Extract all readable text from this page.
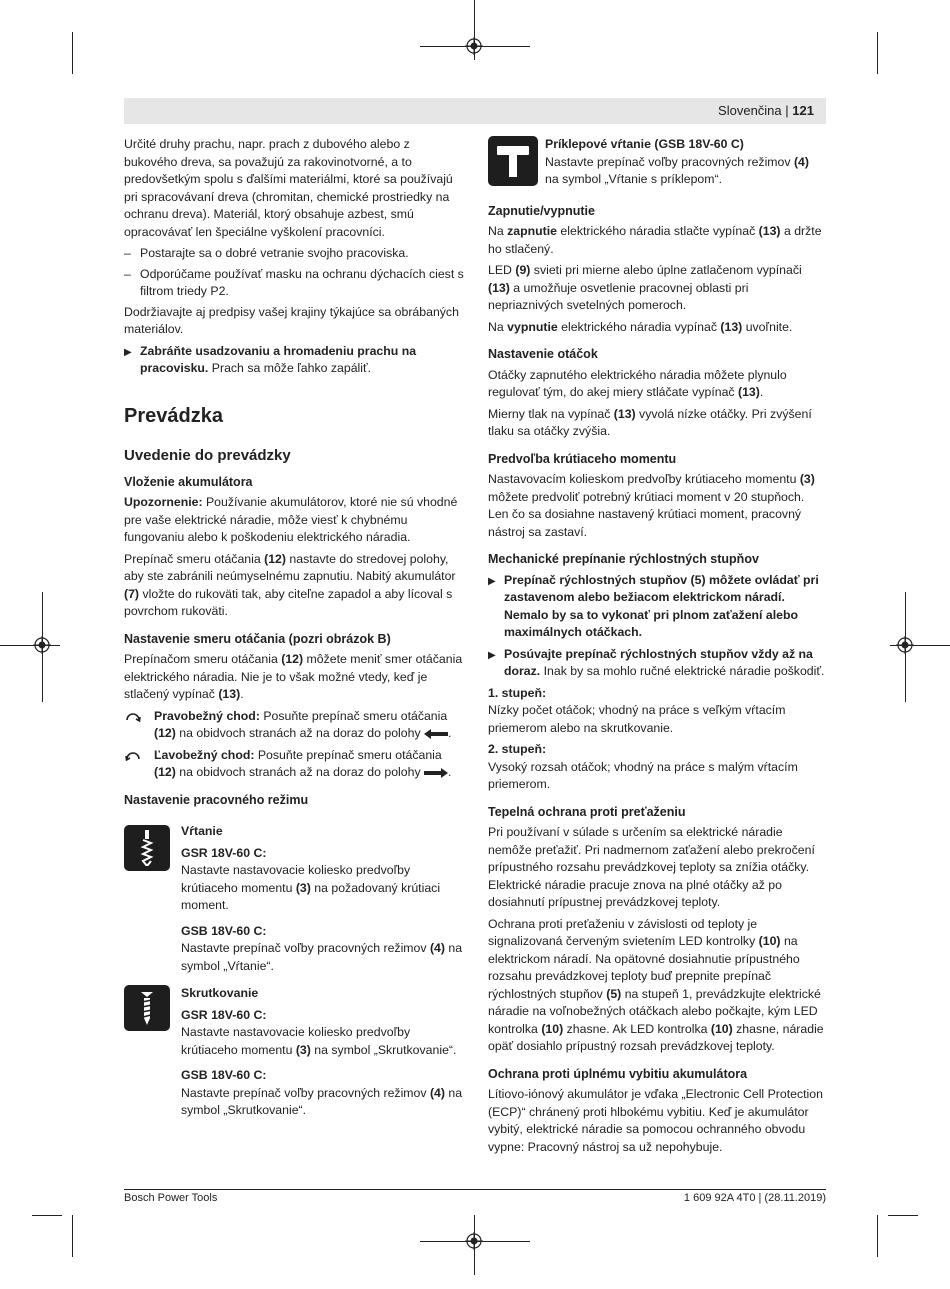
Slovenčina | 121

Určité druhy prachu, napr. prach z dubového alebo z bukového dreva, sa považujú za rakovinotvorné, a to predovšetkým spolu s ďalšími materiálmi, ktoré sa používajú pri spracovávaní dreva (chromitan, chemické prostriedky na ochranu dreva). Materiál, ktorý obsahuje azbest, smú opracovávať len špeciálne vyškolení pracovníci.

– Postarajte sa o dobré vetranie svojho pracoviska.
– Odporúčame používať masku na ochranu dýchacích ciest s filtrom triedy P2.

Dodržiavajte aj predpisy vašej krajiny týkajúce sa obrábaných materiálov.

▶ Zabráňte usadzovaniu a hromadeniu prachu na pracovisku. Prach sa môže ľahko zapáliť.
Prevádzka
Uvedenie do prevádzky
Vloženie akumulátora

Upozornenie: Používanie akumulátorov, ktoré nie sú vhodné pre vaše elektrické náradie, môže viesť k chybnému fungovaniu alebo k poškodeniu elektrického náradia.

Prepínač smeru otáčania (12) nastavte do stredovej polohy, aby ste zabránili neúmyselnému zapnutiu. Nabitý akumulátor (7) vložte do rukoväti tak, aby citeľne zapadol a aby lícoval s povrchom rukoväti.

Nastavenie smeru otáčania (pozri obrázok B)

Prepínačom smeru otáčania (12) môžete meniť smer otáčania elektrického náradia. Nie je to však možné vtedy, keď je stlačený vypínač (13).

Pravobežný chod: Posuňte prepínač smeru otáčania (12) na obidvoch stranách až na doraz do polohy .
Ľavobežný chod: Posuňte prepínač smeru otáčania (12) na obidvoch stranách až na doraz do polohy .
Nastavenie pracovného režimu
Vŕtanie
GSR 18V-60 C:

Nastavte nastavovacie koliesko predvoľby krútiaceho momentu (3) na požadovaný krútiaci moment.

GSB 18V-60 C:

Nastavte prepínač voľby pracovných režimov (4) na symbol „Vŕtanie“.

Skrutkovanie
GSR 18V-60 C:

Nastavte nastavovacie koliesko predvoľby krútiaceho momentu (3) na symbol „Skrutkovanie“.

GSB 18V-60 C:

Nastavte prepínač voľby pracovných režimov (4) na symbol „Skrutkovanie“.

Príklepové vŕtanie (GSB 18V-60 C)

Nastavte prepínač voľby pracovných režimov (4) na symbol „Vŕtanie s príklepom“.

Zapnutie/vypnutie

Na zapnutie elektrického náradia stlačte vypínač (13) a držte ho stlačený.

LED (9) svieti pri mierne alebo úplne zatlačenom vypínači (13) a umožňuje osvetlenie pracovnej oblasti pri nepriaznivých svetelných pomeroch.

Na vypnutie elektrického náradia vypínač (13) uvoľnite.

Nastavenie otáčok

Otáčky zapnutého elektrického náradia môžete plynulo regulovať tým, do akej miery stláčate vypínač (13).

Mierny tlak na vypínač (13) vyvolá nízke otáčky. Pri zvýšení tlaku sa otáčky zvýšia.

Predvoľba krútiaceho momentu

Nastavovacím kolieskom predvoľby krútiaceho momentu (3) môžete predvoliť potrebný krútiaci moment v 20 stupňoch. Len čo sa dosiahne nastavený krútiaci moment, pracovný nástroj sa zastaví.

Mechanické prepínanie rýchlostných stupňov
▶ Prepínač rýchlostných stupňov (5) môžete ovládať pri zastavenom alebo bežiacom elektrickom náradí. Nemalo by sa to vykonať pri plnom zaťažení alebo maximálnych otáčkach.
▶ Posúvajte prepínač rýchlostných stupňov vždy až na doraz. Inak by sa mohlo ručné elektrické náradie poškodiť.
1. stupeň:

Nízky počet otáčok; vhodný na práce s veľkým vŕtacím priemerom alebo na skrutkovanie.

2. stupeň:

Vysoký rozsah otáčok; vhodný na práce s malým vŕtacím priemerom.

Tepelná ochrana proti preťaženiu

Pri používaní v súlade s určením sa elektrické náradie nemôže preťažiť. Pri nadmernom zaťažení alebo prekročení prípustného rozsahu prevádzkovej teploty sa znížia otáčky. Elektrické náradie pracuje znova na plné otáčky až po dosiahnutí prípustnej prevádzkovej teploty.

Ochrana proti preťaženiu v závislosti od teploty je signalizovaná červeným svietením LED kontrolky (10) na elektrickom náradí. Na opätovné dosiahnutie prípustného rozsahu prevádzkovej teploty buď prepnite prepínač rýchlostných stupňov (5) na stupeň 1, prevádzkujte elektrické náradie na voľnobežných otáčkach alebo počkajte, kým LED kontrolka (10) zhasne. Ak LED kontrolka (10) zhasne, náradie opäť dosiahlo prípustný rozsah prevádzkovej teploty.

Ochrana proti úplnému vybitiu akumulátora

Lítiovo-iónový akumulátor je vďaka „Electronic Cell Protection (ECP)“ chránený proti hlbokému vybitiu. Keď je akumulátor vybitý, elektrické náradie sa pomocou ochranného obvodu vypne: Pracovný nástroj sa už nepohybuje.

Bosch Power Tools	1 609 92A 4T0 | (28.11.2019)
